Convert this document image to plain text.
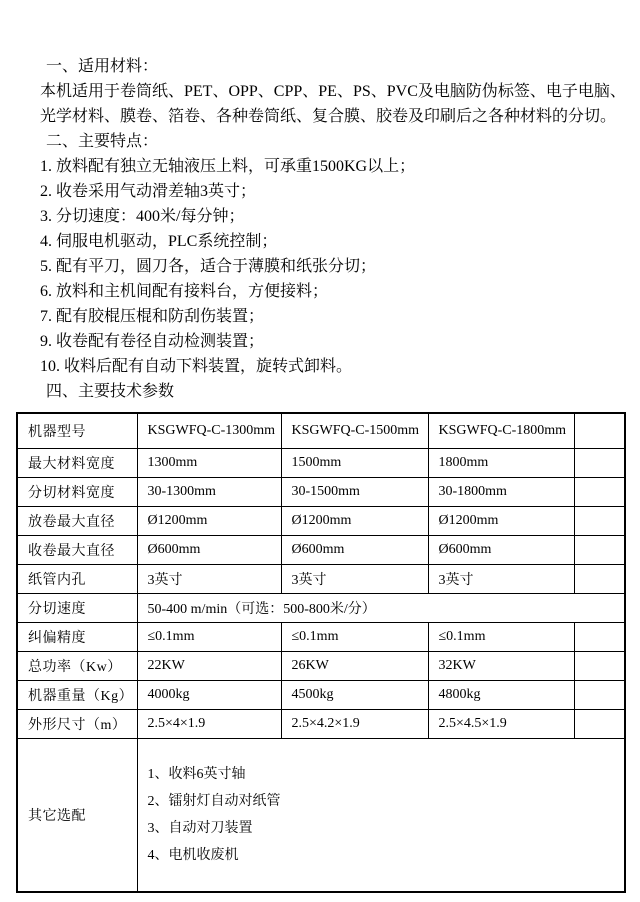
一、适用材料：

本机适用于卷筒纸、PET、OPP、CPP、PE、PS、PVC及电脑防伪标签、电子电脑、

光学材料、膜卷、箔卷、各种卷筒纸、复合膜、胶卷及印刷后之各种材料的分切。

二、主要特点：

1. 放料配有独立无轴液压上料，可承重1500KG以上；

2. 收卷采用气动滑差轴3英寸；

3. 分切速度：400米/每分钟；

4. 伺服电机驱动，PLC系统控制；

5. 配有平刀，圆刀各，适合于薄膜和纸张分切；

6. 放料和主机间配有接料台，方便接料；

7. 配有胶棍压棍和防刮伤装置；

9. 收卷配有卷径自动检测装置；

10. 收料后配有自动下料装置，旋转式卸料。

四、主要技术参数

机器型号	KSGWFQ-C-1300mm	KSGWFQ-C-1500mm	KSGWFQ-C-1800mm	
最大材料宽度	1300mm	1500mm	1800mm	
分切材料宽度	30-1300mm	30-1500mm	30-1800mm	
放卷最大直径	Ø1200mm	Ø1200mm	Ø1200mm	
收卷最大直径	Ø600mm	Ø600mm	Ø600mm	
纸管内孔	3英寸	3英寸	3英寸	
分切速度	50-400 m/min（可选：500-800米/分）			
纠偏精度	≤0.1mm	≤0.1mm	≤0.1mm	
总功率（Kw）	22KW	26KW	32KW	
机器重量（Kg）	4000kg	4500kg	4800kg	
外形尺寸（m）	2.5×4×1.9	2.5×4.2×1.9	2.5×4.5×1.9	
其它选配	1、收料6英寸轴
2、镭射灯自动对纸管
3、自动对刀装置
4、电机收废机			
